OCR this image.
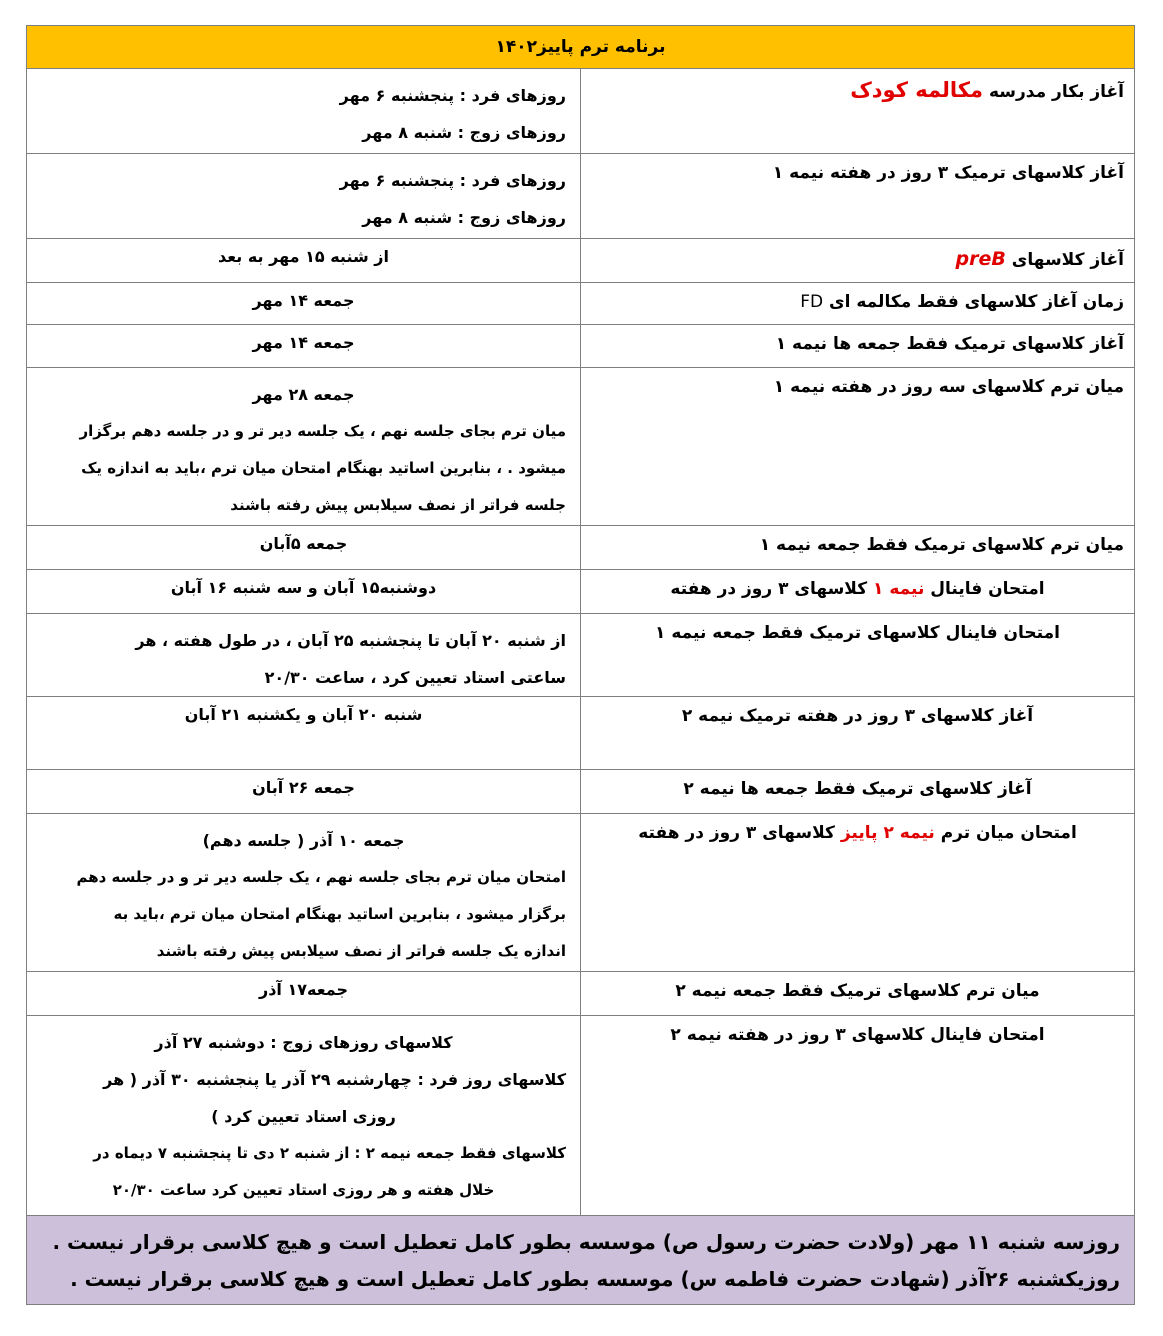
برنامه ترم پاییز۱۴۰۲	
آغاز بکار مدرسه مکالمه کودک	روزهای فرد : پنجشنبه ۶ مهر
روزهای زوج : شنبه ۸ مهر

آغاز کلاسهای ترمیک ۳ روز در هفته نیمه ۱	روزهای فرد : پنجشنبه ۶ مهر
روزهای زوج : شنبه ۸ مهر

آغاز کلاسهای preB	از شنبه ۱۵ مهر به بعد
زمان آغاز کلاسهای فقط مکالمه ای FD	جمعه ۱۴ مهر
آغاز کلاسهای ترمیک فقط جمعه ها نیمه ۱	جمعه ۱۴ مهر
میان ترم کلاسهای سه روز در هفته نیمه ۱	جمعه ۲۸ مهر
میان ترم بجای جلسه نهم ، یک جلسه دیر تر و در جلسه دهم برگزار
میشود . ، بنابرین اساتید بهنگام امتحان میان ترم ،باید به اندازه یک
جلسه فراتر از نصف سیلابس پیش رفته باشند

میان ترم کلاسهای ترمیک فقط جمعه نیمه ۱	جمعه ۵آبان
امتحان فاینال نیمه ۱ کلاسهای ۳ روز در هفته	دوشنبه۱۵ آبان و سه شنبه ۱۶ آبان
امتحان فاینال کلاسهای ترمیک فقط جمعه نیمه ۱	از شنبه ۲۰ آبان تا پنجشنبه ۲۵ آبان ، در طول هفته ، هر
ساعتی استاد تعیین کرد ، ساعت ۲۰/۳۰

آغاز کلاسهای ۳ روز در هفته ترمیک نیمه ۲	شنبه ۲۰ آبان و یکشنبه ۲۱ آبان
آغاز کلاسهای ترمیک فقط جمعه ها نیمه ۲	جمعه ۲۶ آبان
امتحان میان ترم نیمه ۲ پاییز کلاسهای ۳ روز در هفته	جمعه ۱۰ آذر ( جلسه دهم)
امتحان میان ترم بجای جلسه نهم ، یک جلسه دیر تر و در جلسه دهم
برگزار میشود ، بنابرین اساتید بهنگام امتحان میان ترم ،باید به
اندازه یک جلسه فراتر از نصف سیلابس پیش رفته باشند

میان ترم کلاسهای ترمیک فقط جمعه نیمه ۲	جمعه۱۷ آذر
امتحان فاینال کلاسهای ۳ روز در هفته نیمه ۲	کلاسهای روزهای زوج : دوشنبه ۲۷ آذر
کلاسهای روز فرد : چهارشنبه ۲۹ آذر یا پنجشنبه ۳۰ آذر ( هر
روزی استاد تعیین کرد )
کلاسهای فقط جمعه نیمه ۲ : از شنبه ۲ دی تا پنجشنبه ۷ دیماه در
خلال هفته و هر روزی استاد تعیین کرد ساعت ۲۰/۳۰

روزسه شنبه ۱۱ مهر (ولادت حضرت رسول ص) موسسه بطور کامل تعطیل است و هیچ کلاسی برقرار نیست .
روزیکشنبه ۲۶آذر (شهادت حضرت فاطمه س) موسسه بطور کامل تعطیل است و هیچ کلاسی برقرار نیست .	
